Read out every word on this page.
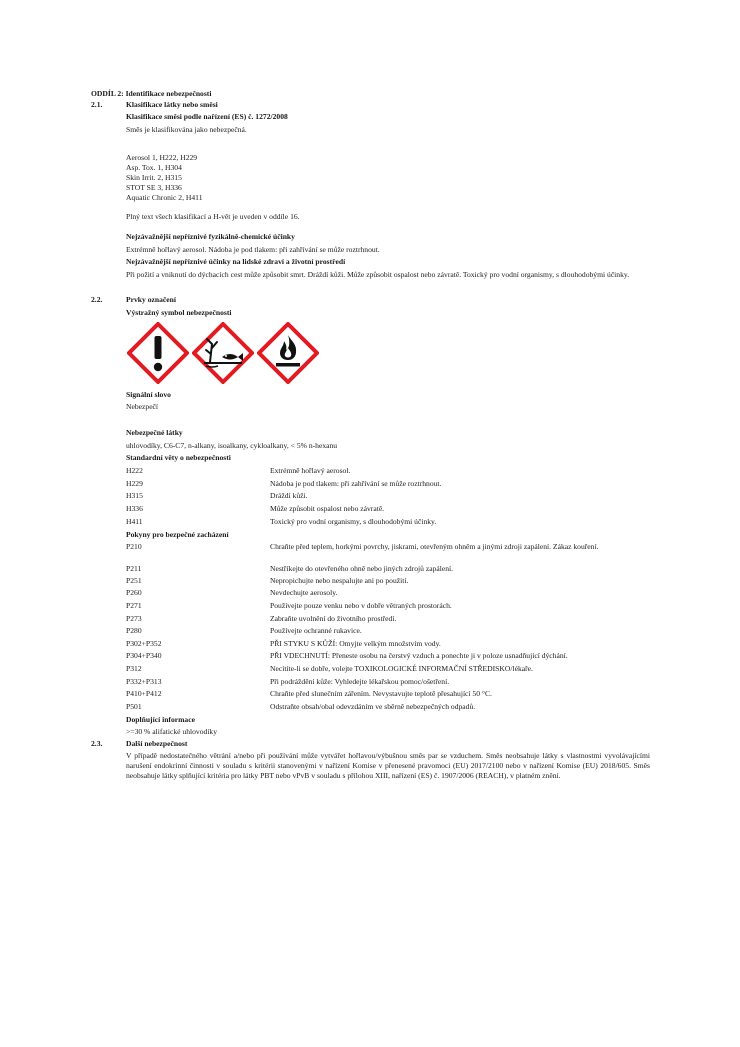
ODDÍL 2: Identifikace nebezpečnosti
2.1.	Klasifikace látky nebo směsi
Klasifikace směsi podle nařízení (ES) č. 1272/2008
Směs je klasifikována jako nebezpečná.
Aerosol 1, H222, H229
Asp. Tox. 1, H304
Skin Irrit. 2, H315
STOT SE 3, H336
Aquatic Chronic 2, H411
Plný text všech klasifikací a H-vět je uveden v oddíle 16.
Nejzávažnější nepříznivé fyzikálně-chemické účinky
Extrémně hořlavý aerosol. Nádoba je pod tlakem: při zahřívání se může roztrhnout.
Nejzávažnější nepříznivé účinky na lidské zdraví a životní prostředí
Při požití a vniknutí do dýchacích cest může způsobit smrt. Dráždí kůži. Může způsobit ospalost nebo závratě. Toxický pro vodní organismy, s dlouhodobými účinky.
2.2.	Prvky označení
Výstražný symbol nebezpečnosti
Signální slovo
Nebezpečí
Nebezpečné látky
uhlovodíky, C6-C7, n-alkany, isoalkany, cykloalkany, < 5% n-hexanu
Standardní věty o nebezpečnosti
H222	Extrémně hořlavý aerosol.
H229	Nádoba je pod tlakem: při zahřívání se může roztrhnout.
H315	Dráždí kůži.
H336	Může způsobit ospalost nebo závratě.
H411	Toxický pro vodní organismy, s dlouhodobými účinky.
Pokyny pro bezpečné zacházení
P210	Chraňte před teplem, horkými povrchy, jiskrami, otevřeným ohněm a jinými zdroji zapálení. Zákaz kouření.
P211	Nestříkejte do otevřeného ohně nebo jiných zdrojů zapálení.
P251	Nepropichujte nebo nespalujte ani po použití.
P260	Nevdechujte aerosoly.
P271	Používejte pouze venku nebo v dobře větraných prostorách.
P273	Zabraňte uvolnění do životního prostředí.
P280	Používejte ochranné rukavice.
P302+P352	PŘI STYKU S KŮŽÍ: Omyjte velkým množstvím vody.
P304+P340	PŘI VDECHNUTÍ: Přeneste osobu na čerstvý vzduch a ponechte ji v poloze usnadňující dýchání.
P312	Necítíte-li se dobře, volejte TOXIKOLOGICKÉ INFORMAČNÍ STŘEDISKO/lékaře.
P332+P313	Při podráždění kůže: Vyhledejte lékařskou pomoc/ošetření.
P410+P412	Chraňte před slunečním zářením. Nevystavujte teplotě přesahující 50 °C.
P501	Odstraňte obsah/obal odevzdáním ve sběrně nebezpečných odpadů.
Doplňující informace
>=30 % alifatické uhlovodíky
2.3.	Další nebezpečnost
V případě nedostatečného větrání a/nebo při používání může vytvářet hořlavou/výbušnou směs par se vzduchem. Směs neobsahuje látky s vlastnostmi vyvolávajícími narušení endokrinní činnosti v souladu s kritérii stanovenými v nařízení Komise v přenesené pravomoci (EU) 2017/2100 nebo v nařízení Komise (EU) 2018/605. Směs neobsahuje látky splňující kritéria pro látky PBT nebo vPvB v souladu s přílohou XIII, nařízení (ES) č. 1907/2006 (REACH), v platném znění.
